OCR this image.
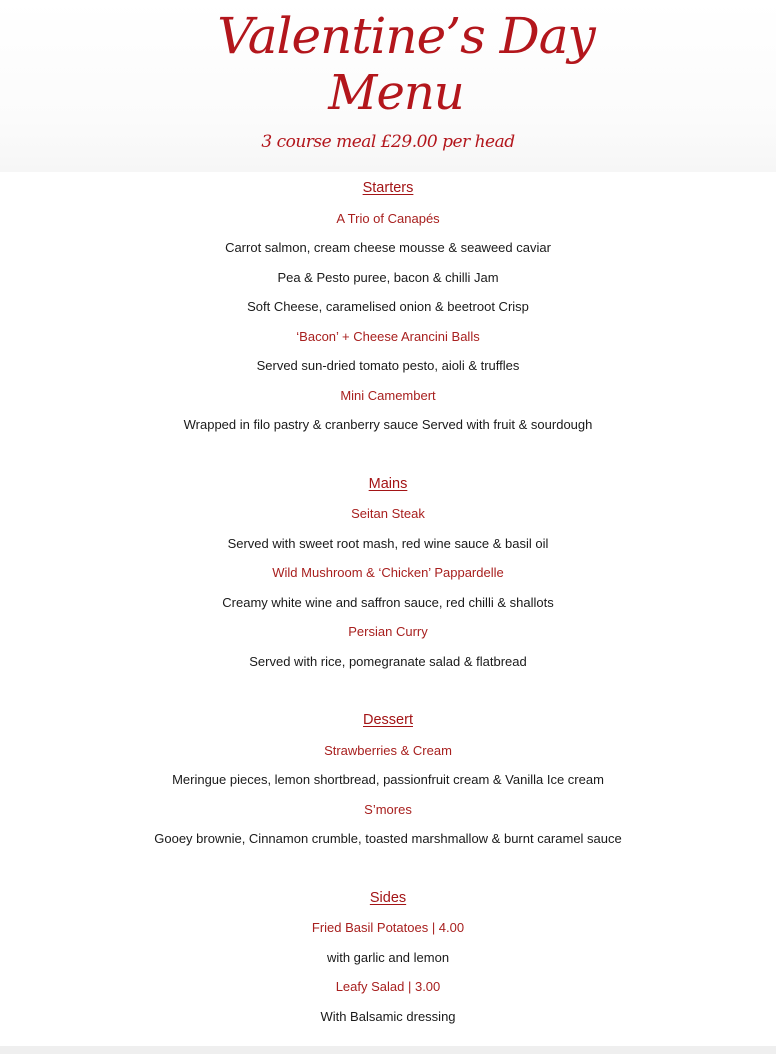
Valentine’s Day
Menu
3 course meal £29.00 per head
Starters
A Trio of Canapés
Carrot salmon, cream cheese mousse & seaweed caviar
Pea & Pesto puree, bacon & chilli Jam
Soft Cheese, caramelised onion & beetroot Crisp
‘Bacon’ + Cheese Arancini Balls
Served sun-dried tomato pesto, aioli & truffles
Mini Camembert
Wrapped in filo pastry & cranberry sauce Served with fruit & sourdough
Mains
Seitan Steak
Served with sweet root mash, red wine sauce & basil oil
Wild Mushroom & ‘Chicken’ Pappardelle
Creamy white wine and saffron sauce, red chilli & shallots
Persian Curry
Served with rice, pomegranate salad & flatbread
Dessert
Strawberries & Cream
Meringue pieces, lemon shortbread, passionfruit cream & Vanilla Ice cream
S’mores
Gooey brownie, Cinnamon crumble, toasted marshmallow & burnt caramel sauce
Sides
Fried Basil Potatoes | 4.00
with garlic and lemon
Leafy Salad | 3.00
With Balsamic dressing
